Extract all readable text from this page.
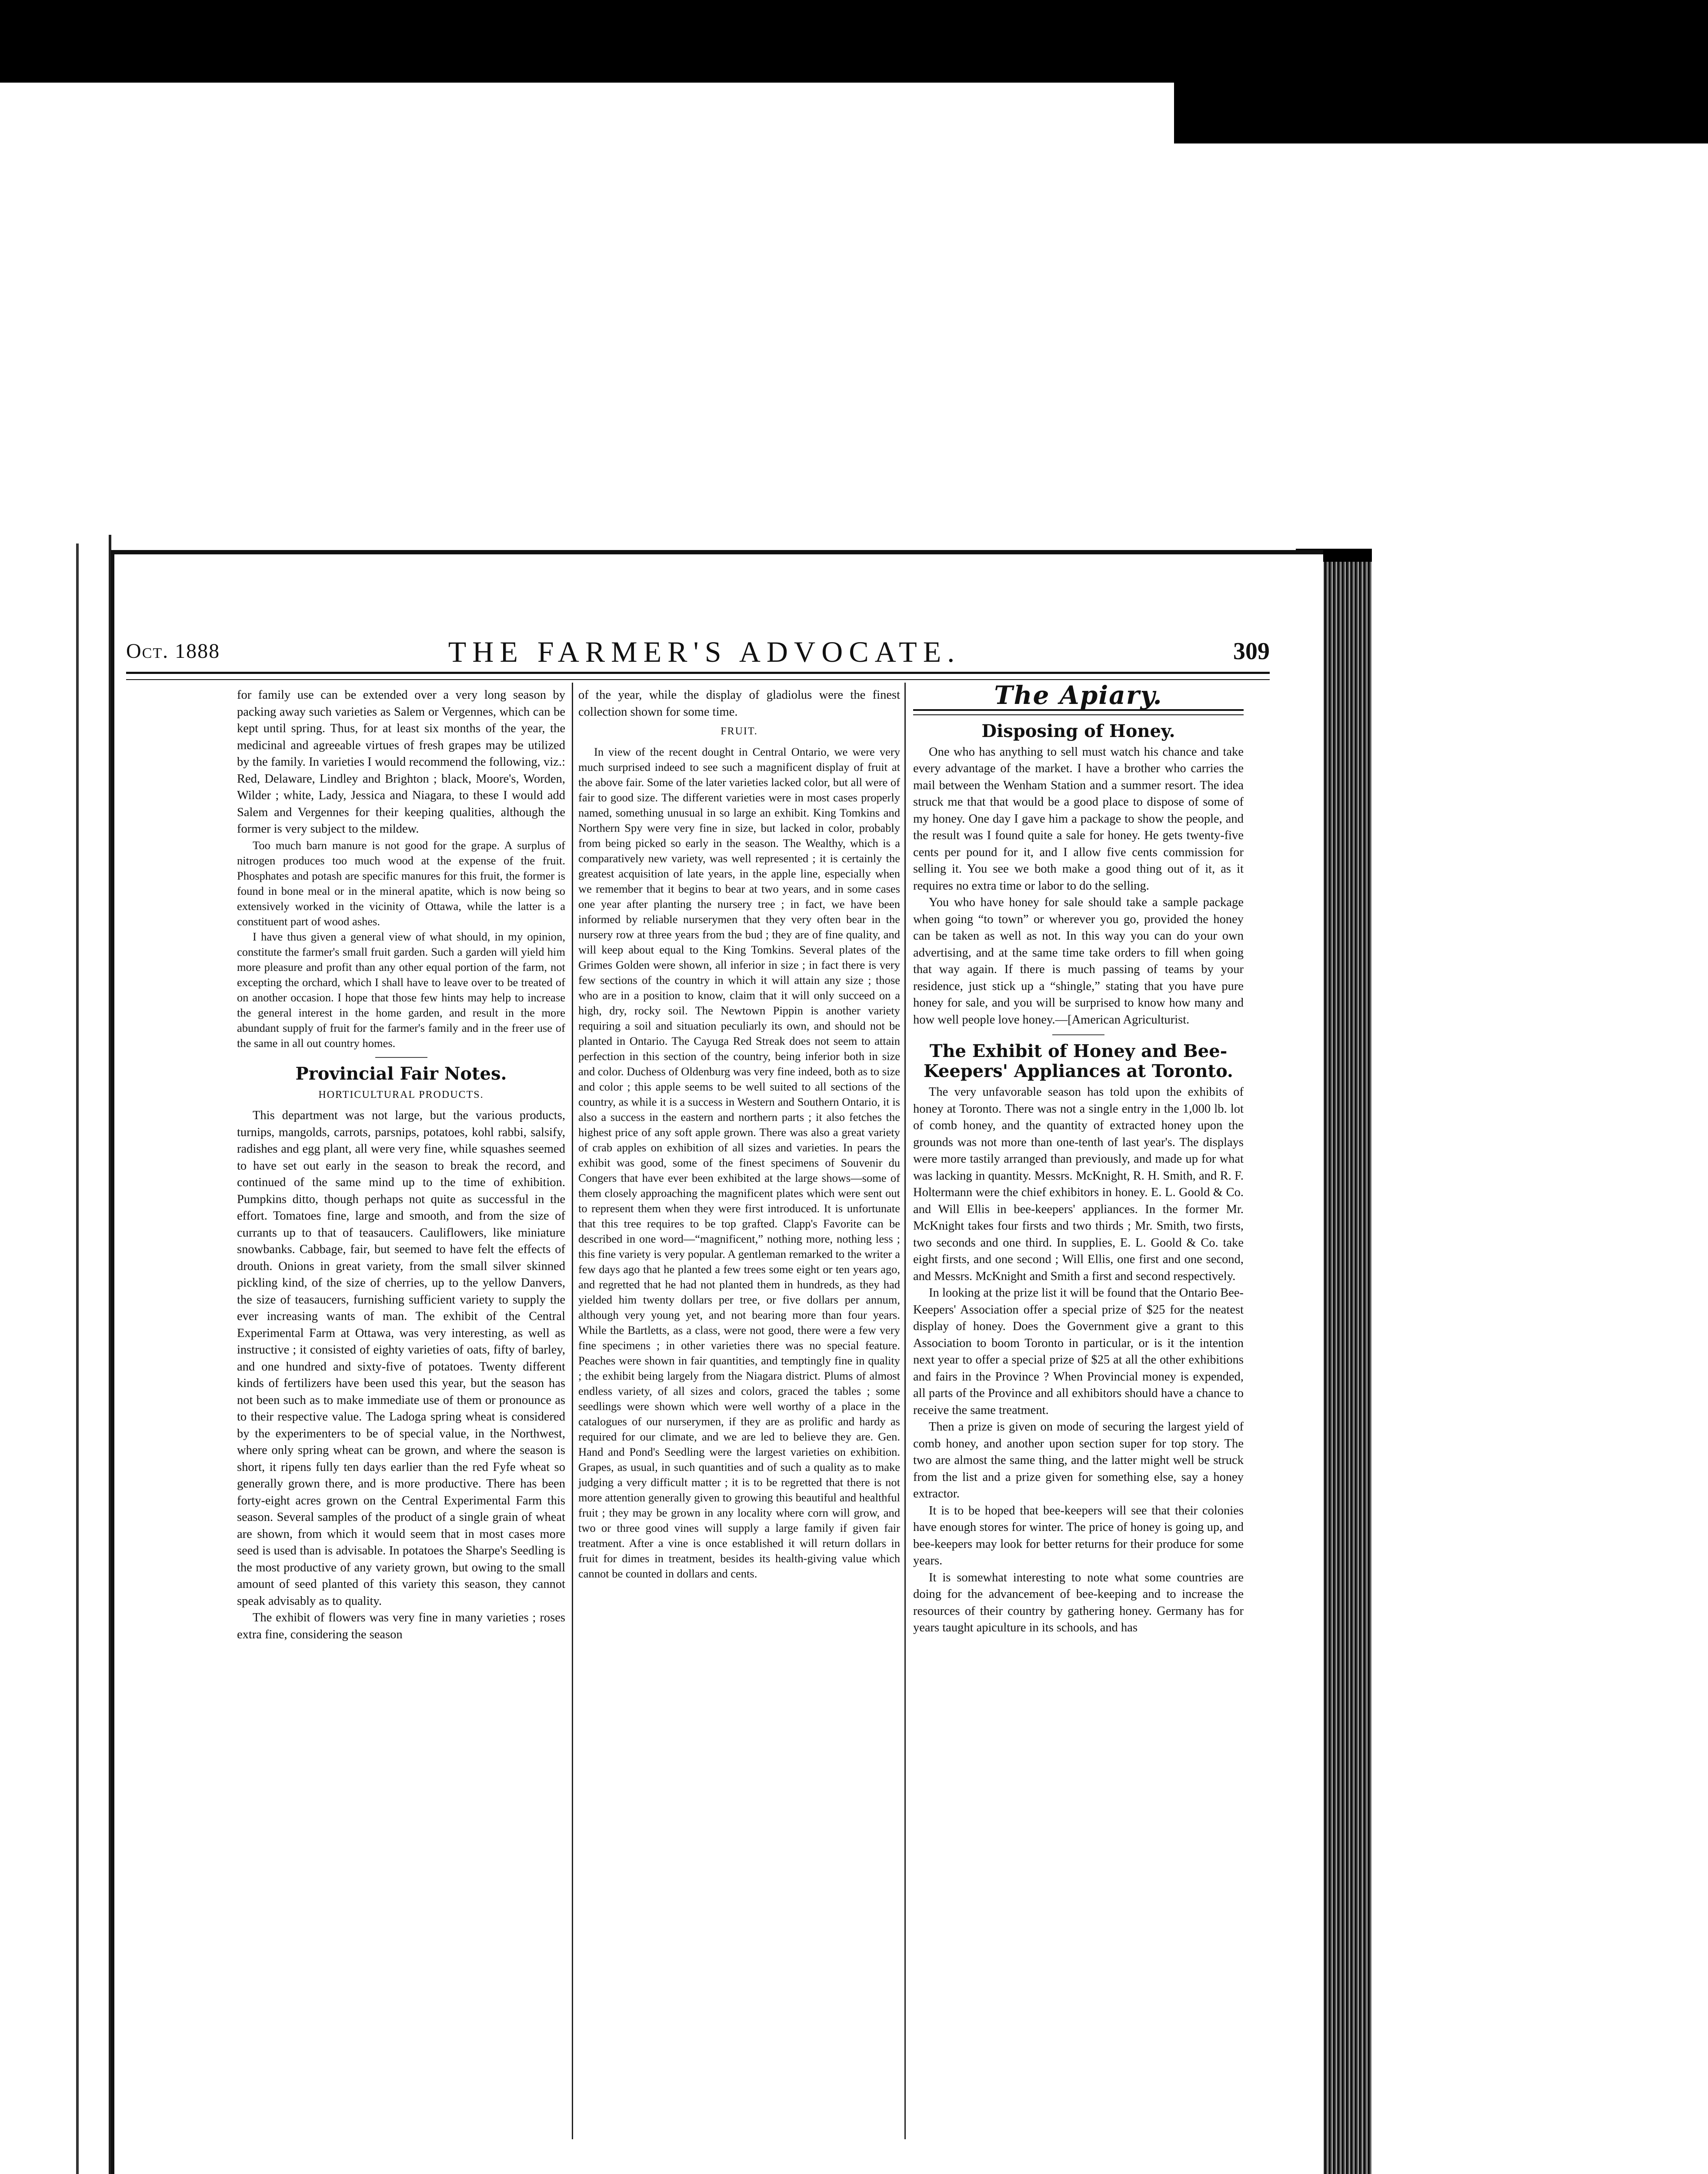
Oct. 1888	THE FARMER'S ADVOCATE.	309

for family use can be extended over a very long season by packing away such varieties as Salem or Vergennes, which can be kept until spring. Thus, for at least six months of the year, the medicinal and agreeable virtues of fresh grapes may be utilized by the family. In varieties I would recommend the following, viz.: Red, Delaware, Lindley and Brighton ; black, Moore's, Worden, Wilder ; white, Lady, Jessica and Niagara, to these I would add Salem and Vergennes for their keeping qualities, although the former is very subject to the mildew.

Too much barn manure is not good for the grape. A surplus of nitrogen produces too much wood at the expense of the fruit. Phosphates and potash are specific manures for this fruit, the former is found in bone meal or in the mineral apatite, which is now being so extensively worked in the vicinity of Ottawa, while the latter is a constituent part of wood ashes.

I have thus given a general view of what should, in my opinion, constitute the farmer's small fruit garden. Such a garden will yield him more pleasure and profit than any other equal portion of the farm, not excepting the orchard, which I shall have to leave over to be treated of on another occasion. I hope that those few hints may help to increase the general interest in the home garden, and result in the more abundant supply of fruit for the farmer's family and in the freer use of the same in all out country homes.

Provincial Fair Notes.
HORTICULTURAL PRODUCTS.

This department was not large, but the various products, turnips, mangolds, carrots, parsnips, potatoes, kohl rabbi, salsify, radishes and egg plant, all were very fine, while squashes seemed to have set out early in the season to break the record, and continued of the same mind up to the time of exhibition. Pumpkins ditto, though perhaps not quite as successful in the effort. Tomatoes fine, large and smooth, and from the size of currants up to that of teasaucers. Cauliflowers, like miniature snowbanks. Cabbage, fair, but seemed to have felt the effects of drouth. Onions in great variety, from the small silver skinned pickling kind, of the size of cherries, up to the yellow Danvers, the size of teasaucers, furnishing sufficient variety to supply the ever increasing wants of man. The exhibit of the Central Experimental Farm at Ottawa, was very interesting, as well as instructive ; it consisted of eighty varieties of oats, fifty of barley, and one hundred and sixty-five of potatoes. Twenty different kinds of fertilizers have been used this year, but the season has not been such as to make immediate use of them or pronounce as to their respective value. The Ladoga spring wheat is considered by the experimenters to be of special value, in the Northwest, where only spring wheat can be grown, and where the season is short, it ripens fully ten days earlier than the red Fyfe wheat so generally grown there, and is more productive. There has been forty-eight acres grown on the Central Experimental Farm this season. Several samples of the product of a single grain of wheat are shown, from which it would seem that in most cases more seed is used than is advisable. In potatoes the Sharpe's Seedling is the most productive of any variety grown, but owing to the small amount of seed planted of this variety this season, they cannot speak advisably as to quality.

The exhibit of flowers was very fine in many varieties ; roses extra fine, considering the season

of the year, while the display of gladiolus were the finest collection shown for some time.

FRUIT.

In view of the recent dought in Central Ontario, we were very much surprised indeed to see such a magnificent display of fruit at the above fair. Some of the later varieties lacked color, but all were of fair to good size. The different varieties were in most cases properly named, something unusual in so large an exhibit. King Tomkins and Northern Spy were very fine in size, but lacked in color, probably from being picked so early in the season. The Wealthy, which is a comparatively new variety, was well represented ; it is certainly the greatest acquisition of late years, in the apple line, especially when we remember that it begins to bear at two years, and in some cases one year after planting the nursery tree ; in fact, we have been informed by reliable nurserymen that they very often bear in the nursery row at three years from the bud ; they are of fine quality, and will keep about equal to the King Tomkins. Several plates of the Grimes Golden were shown, all inferior in size ; in fact there is very few sections of the country in which it will attain any size ; those who are in a position to know, claim that it will only succeed on a high, dry, rocky soil. The Newtown Pippin is another variety requiring a soil and situation peculiarly its own, and should not be planted in Ontario. The Cayuga Red Streak does not seem to attain perfection in this section of the country, being inferior both in size and color. Duchess of Oldenburg was very fine indeed, both as to size and color ; this apple seems to be well suited to all sections of the country, as while it is a success in Western and Southern Ontario, it is also a success in the eastern and northern parts ; it also fetches the highest price of any soft apple grown. There was also a great variety of crab apples on exhibition of all sizes and varieties. In pears the exhibit was good, some of the finest specimens of Souvenir du Congers that have ever been exhibited at the large shows—some of them closely approaching the magnificent plates which were sent out to represent them when they were first introduced. It is unfortunate that this tree requires to be top grafted. Clapp's Favorite can be described in one word—“magnificent,” nothing more, nothing less ; this fine variety is very popular. A gentleman remarked to the writer a few days ago that he planted a few trees some eight or ten years ago, and regretted that he had not planted them in hundreds, as they had yielded him twenty dollars per tree, or five dollars per annum, although very young yet, and not bearing more than four years. While the Bartletts, as a class, were not good, there were a few very fine specimens ; in other varieties there was no special feature. Peaches were shown in fair quantities, and temptingly fine in quality ; the exhibit being largely from the Niagara district. Plums of almost endless variety, of all sizes and colors, graced the tables ; some seedlings were shown which were well worthy of a place in the catalogues of our nurserymen, if they are as prolific and hardy as required for our climate, and we are led to believe they are. Gen. Hand and Pond's Seedling were the largest varieties on exhibition. Grapes, as usual, in such quantities and of such a quality as to make judging a very difficult matter ; it is to be regretted that there is not more attention generally given to growing this beautiful and healthful fruit ; they may be grown in any locality where corn will grow, and two or three good vines will supply a large family if given fair treatment. After a vine is once established it will return dollars in fruit for dimes in treatment, besides its health-giving value which cannot be counted in dollars and cents.

The Apiary.
Disposing of Honey.

One who has anything to sell must watch his chance and take every advantage of the market. I have a brother who carries the mail between the Wenham Station and a summer resort. The idea struck me that that would be a good place to dispose of some of my honey. One day I gave him a package to show the people, and the result was I found quite a sale for honey. He gets twenty-five cents per pound for it, and I allow five cents commission for selling it. You see we both make a good thing out of it, as it requires no extra time or labor to do the selling.

You who have honey for sale should take a sample package when going “to town” or wherever you go, provided the honey can be taken as well as not. In this way you can do your own advertising, and at the same time take orders to fill when going that way again. If there is much passing of teams by your residence, just stick up a “shingle,” stating that you have pure honey for sale, and you will be surprised to know how many and how well people love honey.—[American Agriculturist.

The Exhibit of Honey and Bee-Keepers' Appliances at Toronto.

The very unfavorable season has told upon the exhibits of honey at Toronto. There was not a single entry in the 1,000 lb. lot of comb honey, and the quantity of extracted honey upon the grounds was not more than one-tenth of last year's. The displays were more tastily arranged than previously, and made up for what was lacking in quantity. Messrs. McKnight, R. H. Smith, and R. F. Holtermann were the chief exhibitors in honey. E. L. Goold & Co. and Will Ellis in bee-keepers' appliances. In the former Mr. McKnight takes four firsts and two thirds ; Mr. Smith, two firsts, two seconds and one third. In supplies, E. L. Goold & Co. take eight firsts, and one second ; Will Ellis, one first and one second, and Messrs. McKnight and Smith a first and second respectively.

In looking at the prize list it will be found that the Ontario Bee-Keepers' Association offer a special prize of $25 for the neatest display of honey. Does the Government give a grant to this Association to boom Toronto in particular, or is it the intention next year to offer a special prize of $25 at all the other exhibitions and fairs in the Province ? When Provincial money is expended, all parts of the Province and all exhibitors should have a chance to receive the same treatment.

Then a prize is given on mode of securing the largest yield of comb honey, and another upon section super for top story. The two are almost the same thing, and the latter might well be struck from the list and a prize given for something else, say a honey extractor.

It is to be hoped that bee-keepers will see that their colonies have enough stores for winter. The price of honey is going up, and bee-keepers may look for better returns for their produce for some years.

It is somewhat interesting to note what some countries are doing for the advancement of bee-keeping and to increase the resources of their country by gathering honey. Germany has for years taught apiculture in its schools, and has
